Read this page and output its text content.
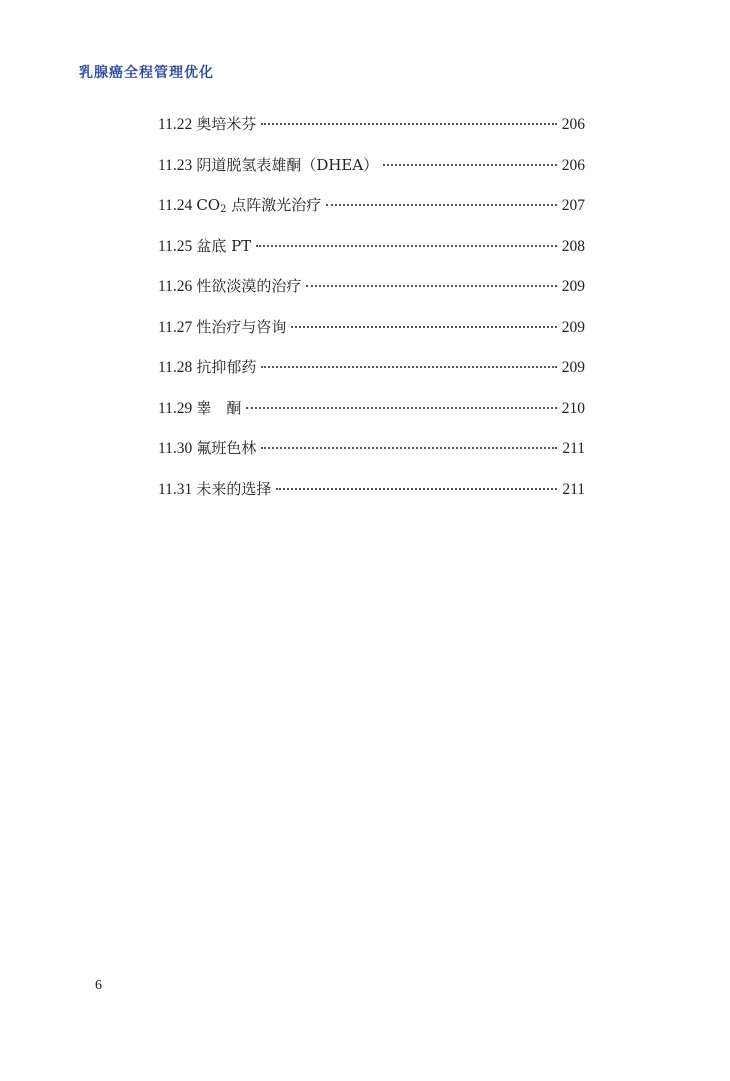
乳腺癌全程管理优化
11.22 奥培米芬	206
11.23 阴道脱氢表雄酮（DHEA）	206
11.24 $CO_2$ 点阵激光治疗	207
11.25 盆底 PT	208
11.26 性欲淡漠的治疗	209
11.27 性治疗与咨询	209
11.28 抗抑郁药	209
11.29 睾　酮	210
11.30 氟班色林	211
11.31 未来的选择	211
6
